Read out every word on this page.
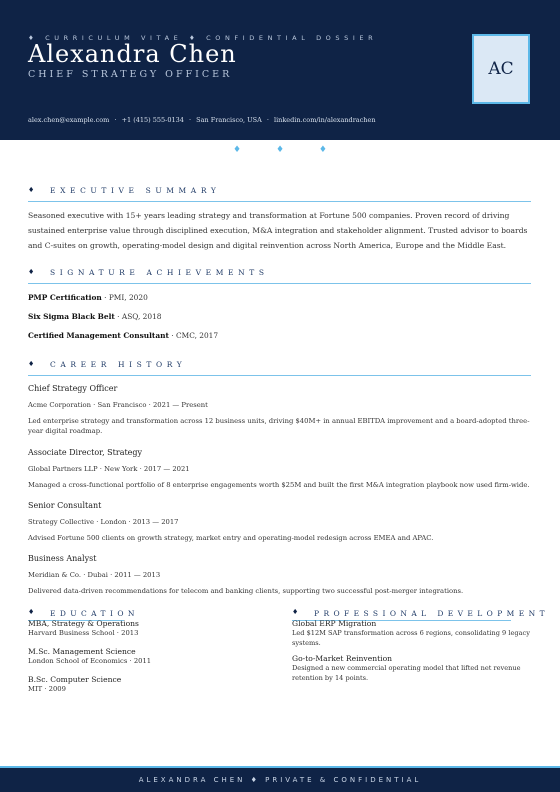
♦ CURRICULUM VITAE ♦ CONFIDENTIAL DOSSIER
Alexandra Chen
CHIEF STRATEGY OFFICER	AC
alex.chen@example.com · +1 (415) 555-0134 · San Francisco, USA · linkedin.com/in/alexandrachen
♦ ♦ ♦
♦ EXECUTIVE SUMMARY
Seasoned executive with 15+ years leading strategy and transformation at Fortune 500 companies. Proven record of driving sustained enterprise value through disciplined execution, M&A integration and stakeholder alignment. Trusted advisor to boards and C-suites on growth, operating-model design and digital reinvention across North America, Europe and the Middle East.
♦ SIGNATURE ACHIEVEMENTS
PMP Certification · PMI, 2020
Six Sigma Black Belt · ASQ, 2018
Certified Management Consultant · CMC, 2017
♦ CAREER HISTORY
Chief Strategy Officer
Acme Corporation · San Francisco · 2021 — Present
Led enterprise strategy and transformation across 12 business units, driving $40M+ in annual EBITDA improvement and a board-adopted three-year digital roadmap.
Associate Director, Strategy
Global Partners LLP · New York · 2017 — 2021
Managed a cross-functional portfolio of 8 enterprise engagements worth $25M and built the first M&A integration playbook now used firm-wide.
Senior Consultant
Strategy Collective · London · 2013 — 2017
Advised Fortune 500 clients on growth strategy, market entry and operating-model redesign across EMEA and APAC.
Business Analyst
Meridian & Co. · Dubai · 2011 — 2013
Delivered data-driven recommendations for telecom and banking clients, supporting two successful post-merger integrations.
♦ EDUCATION
MBA, Strategy & Operations
Harvard Business School · 2013
M.Sc. Management Science
London School of Economics · 2011
B.Sc. Computer Science
MIT · 2009
♦ PROFESSIONAL DEVELOPMENT
Global ERP Migration
Led $12M SAP transformation across 6 regions, consolidating 9 legacy systems.
Go-to-Market Reinvention
Designed a new commercial operating model that lifted net revenue retention by 14 points.
ALEXANDRA CHEN ♦ PRIVATE & CONFIDENTIAL
